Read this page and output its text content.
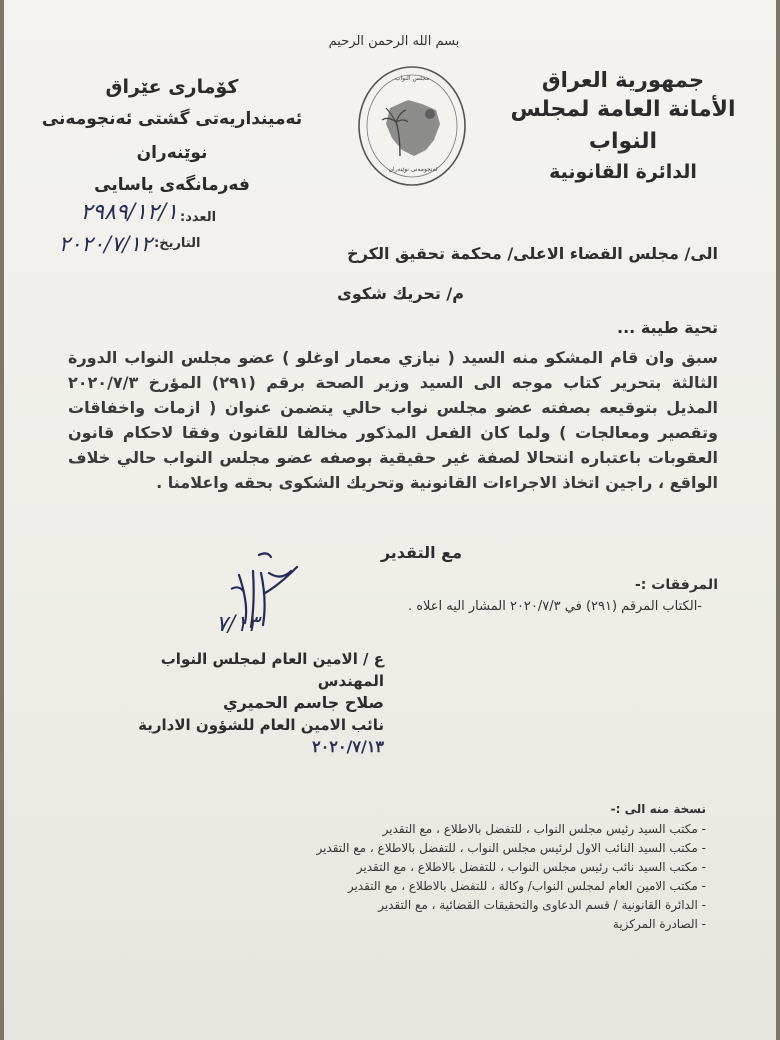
بسم الله الرحمن الرحيم
جمهورية العراق
الأمانة العامة لمجلس النواب
الدائرة القانونية
كۆماری عێراق
ئەمینداریەتی گشتی ئەنجومەنی نوێنەران
فەرمانگەی یاسایی
مجلس النواب
ئەنجومەنی نوێنەران
العدد:
٢٩٨٩/١٢/١
التاريخ:
٢٠٢٠/٧/١٢	الى/ مجلس القضاء الاعلى/ محكمة تحقيق الكرخ
م/ تحريك شكوى
تحية طيبة ...
سبق وان قام المشكو منه السيد ( نيازي معمار اوغلو ) عضو مجلس النواب الدورة الثالثة بتحرير كتاب موجه الى السيد وزير الصحة برقم (٢٩١) المؤرخ ٢٠٢٠/٧/٣ المذيل بتوقيعه بصفته عضو مجلس نواب حالي يتضمن عنوان ( ازمات واخفاقات وتقصير ومعالجات ) ولما كان الفعل المذكور مخالفا للقانون وفقا لاحكام قانون العقوبات باعتباره انتحالا لصفة غير حقيقية بوصفه عضو مجلس النواب حالي خلاف الواقع ، راجين اتخاذ الاجراءات القانونية وتحريك الشكوى بحقه واعلامنا .
مع التقدير
٧/١٣
المرفقات :-
-الكتاب المرقم (٢٩١) في ٢٠٢٠/٧/٣ المشار اليه اعلاه .
ع / الامين العام لمجلس النواب
المهندس
صلاح جاسم الحميري
نائب الامين العام للشؤون الادارية
٢٠٢٠/٧/١٣
نسخة منه الى :-
- مكتب السيد رئيس مجلس النواب ، للتفضل بالاطلاع ، مع التقدير
- مكتب السيد النائب الاول لرئيس مجلس النواب ، للتفضل بالاطلاع ، مع التقدير
- مكتب السيد نائب رئيس مجلس النواب ، للتفضل بالاطلاع ، مع التقدير
- مكتب الامين العام لمجلس النواب/ وكالة ، للتفضل بالاطلاع ، مع التقدير
- الدائرة القانونية / قسم الدعاوى والتحقيقات القضائية ، مع التقدير
- الصادرة المركزية
